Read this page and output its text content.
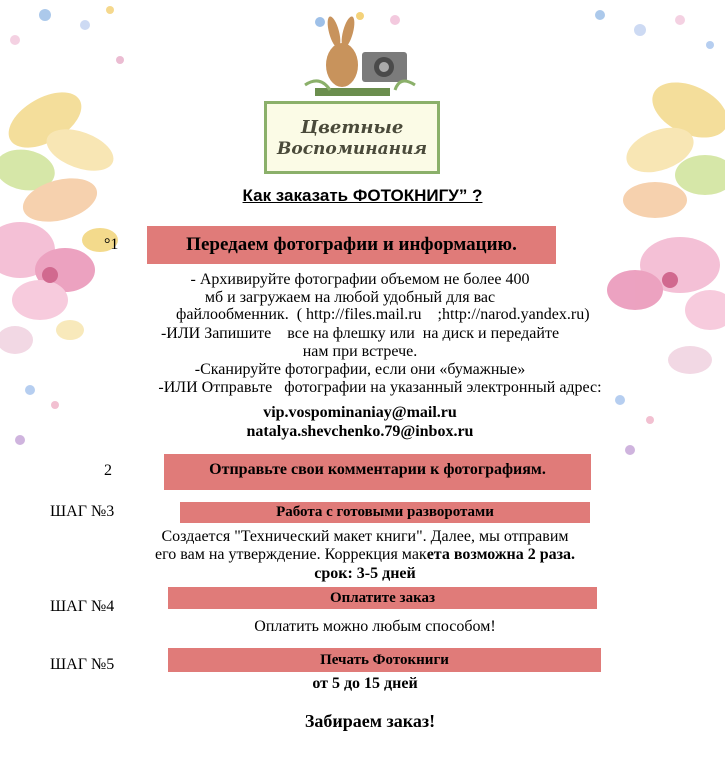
Цветные
Воспоминания
Как заказать ФОТОКНИГУ” ?
°1	Передаем фотографии и информацию.
- Архивируйте фотографии объемом не более 400
мб и загружаем на любой удобный для вас
файлообменник.  ( http://files.mail.ru    ;http://narod.yandex.ru)
-ИЛИ Запишите    все на флешку или  на диск и передайте
нам при встрече.
-Сканируйте фотографии, если они «бумажные»
-ИЛИ Отправьте   фотографии на указанный электронный адрес:
vip.vospominaniay@mail.ru
natalya.shevchenko.79@inbox.ru
2	Отправьте свои комментарии к фотографиям.
ШАГ №3	Работа с готовыми разворотами
Создается "Технический макет книги". Далее, мы отправим
его вам на утверждение. Коррекция макета возможна 2 раза.
срок: 3-5 дней
ШАГ №4	Оплатите заказ
Оплатить можно любым способом!
ШАГ №5	Печать Фотокниги
от 5 до 15 дней
Забираем заказ!
